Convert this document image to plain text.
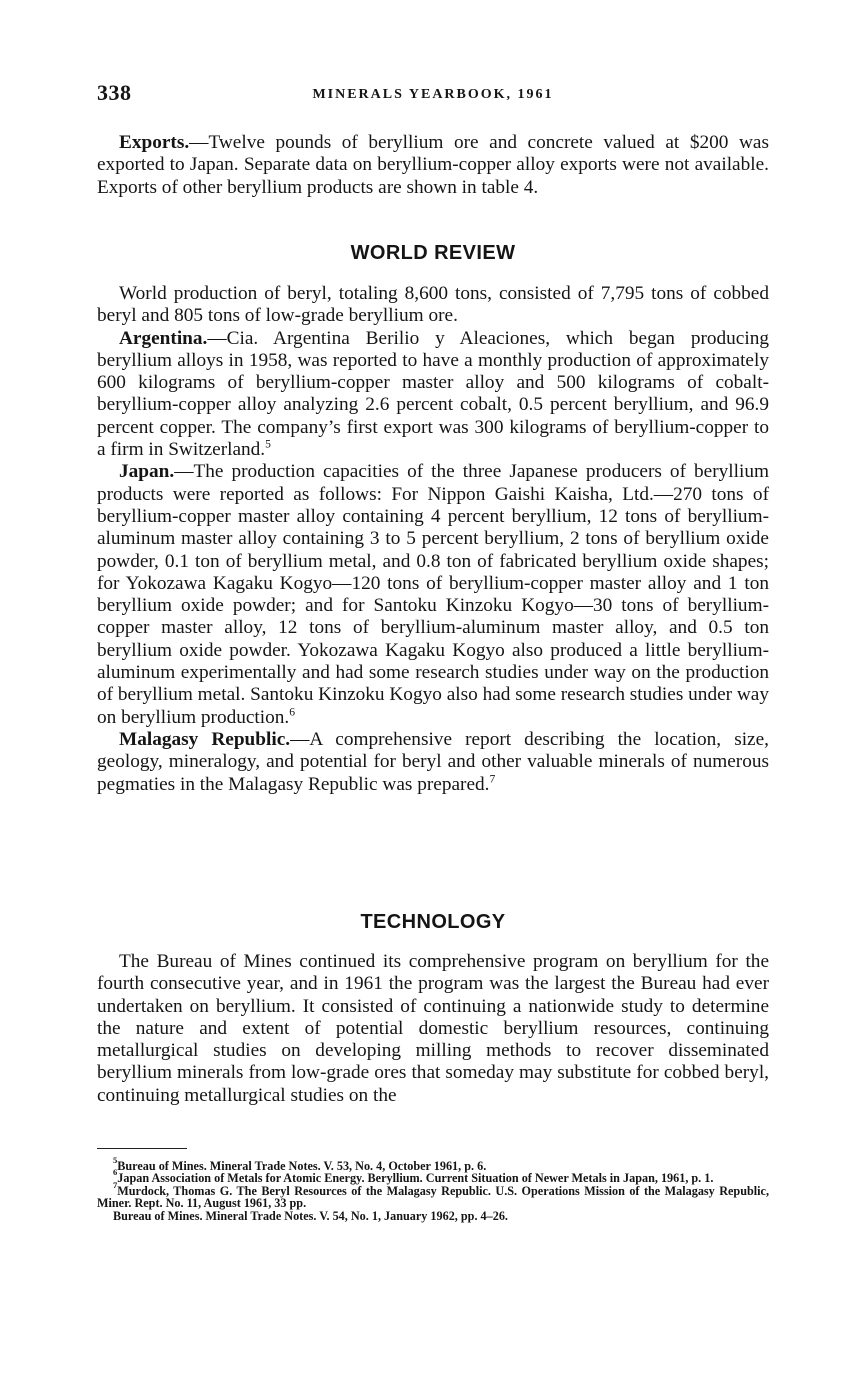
338	MINERALS YEARBOOK, 1961

Exports.—Twelve pounds of beryllium ore and concrete valued at $200 was exported to Japan. Separate data on beryllium-copper alloy exports were not available. Exports of other beryllium products are shown in table 4.

WORLD REVIEW

World production of beryl, totaling 8,600 tons, consisted of 7,795 tons of cobbed beryl and 805 tons of low-grade beryllium ore.

Argentina.—Cia. Argentina Berilio y Aleaciones, which began producing beryllium alloys in 1958, was reported to have a monthly production of approximately 600 kilograms of beryllium-copper master alloy and 500 kilograms of cobalt-beryllium-copper alloy analyzing 2.6 percent cobalt, 0.5 percent beryllium, and 96.9 percent copper. The company’s first export was 300 kilograms of beryllium-copper to a firm in Switzerland.$^5$

Japan.—The production capacities of the three Japanese producers of beryllium products were reported as follows: For Nippon Gaishi Kaisha, Ltd.—270 tons of beryllium-copper master alloy containing 4 percent beryllium, 12 tons of beryllium-aluminum master alloy containing 3 to 5 percent beryllium, 2 tons of beryllium oxide powder, 0.1 ton of beryllium metal, and 0.8 ton of fabricated beryllium oxide shapes; for Yokozawa Kagaku Kogyo—120 tons of beryllium-copper master alloy and 1 ton beryllium oxide powder; and for Santoku Kinzoku Kogyo—30 tons of beryllium-copper master alloy, 12 tons of beryllium-aluminum master alloy, and 0.5 ton beryllium oxide powder. Yokozawa Kagaku Kogyo also produced a little beryllium-aluminum experimentally and had some research studies under way on the production of beryllium metal. Santoku Kinzoku Kogyo also had some research studies under way on beryllium production.$^6$

Malagasy Republic.—A comprehensive report describing the location, size, geology, mineralogy, and potential for beryl and other valuable minerals of numerous pegmaties in the Malagasy Republic was prepared.$^7$

TECHNOLOGY

The Bureau of Mines continued its comprehensive program on beryllium for the fourth consecutive year, and in 1961 the program was the largest the Bureau had ever undertaken on beryllium. It consisted of continuing a nationwide study to determine the nature and extent of potential domestic beryllium resources, continuing metallurgical studies on developing milling methods to recover disseminated beryllium minerals from low-grade ores that someday may substitute for cobbed beryl, continuing metallurgical studies on the

$^5$Bureau of Mines. Mineral Trade Notes. V. 53, No. 4, October 1961, p. 6.

$^6$Japan Association of Metals for Atomic Energy. Beryllium. Current Situation of Newer Metals in Japan, 1961, p. 1.

$^7$Murdock, Thomas G. The Beryl Resources of the Malagasy Republic. U.S. Operations Mission of the Malagasy Republic, Miner. Rept. No. 11, August 1961, 33 pp.

Bureau of Mines. Mineral Trade Notes. V. 54, No. 1, January 1962, pp. 4–26.
